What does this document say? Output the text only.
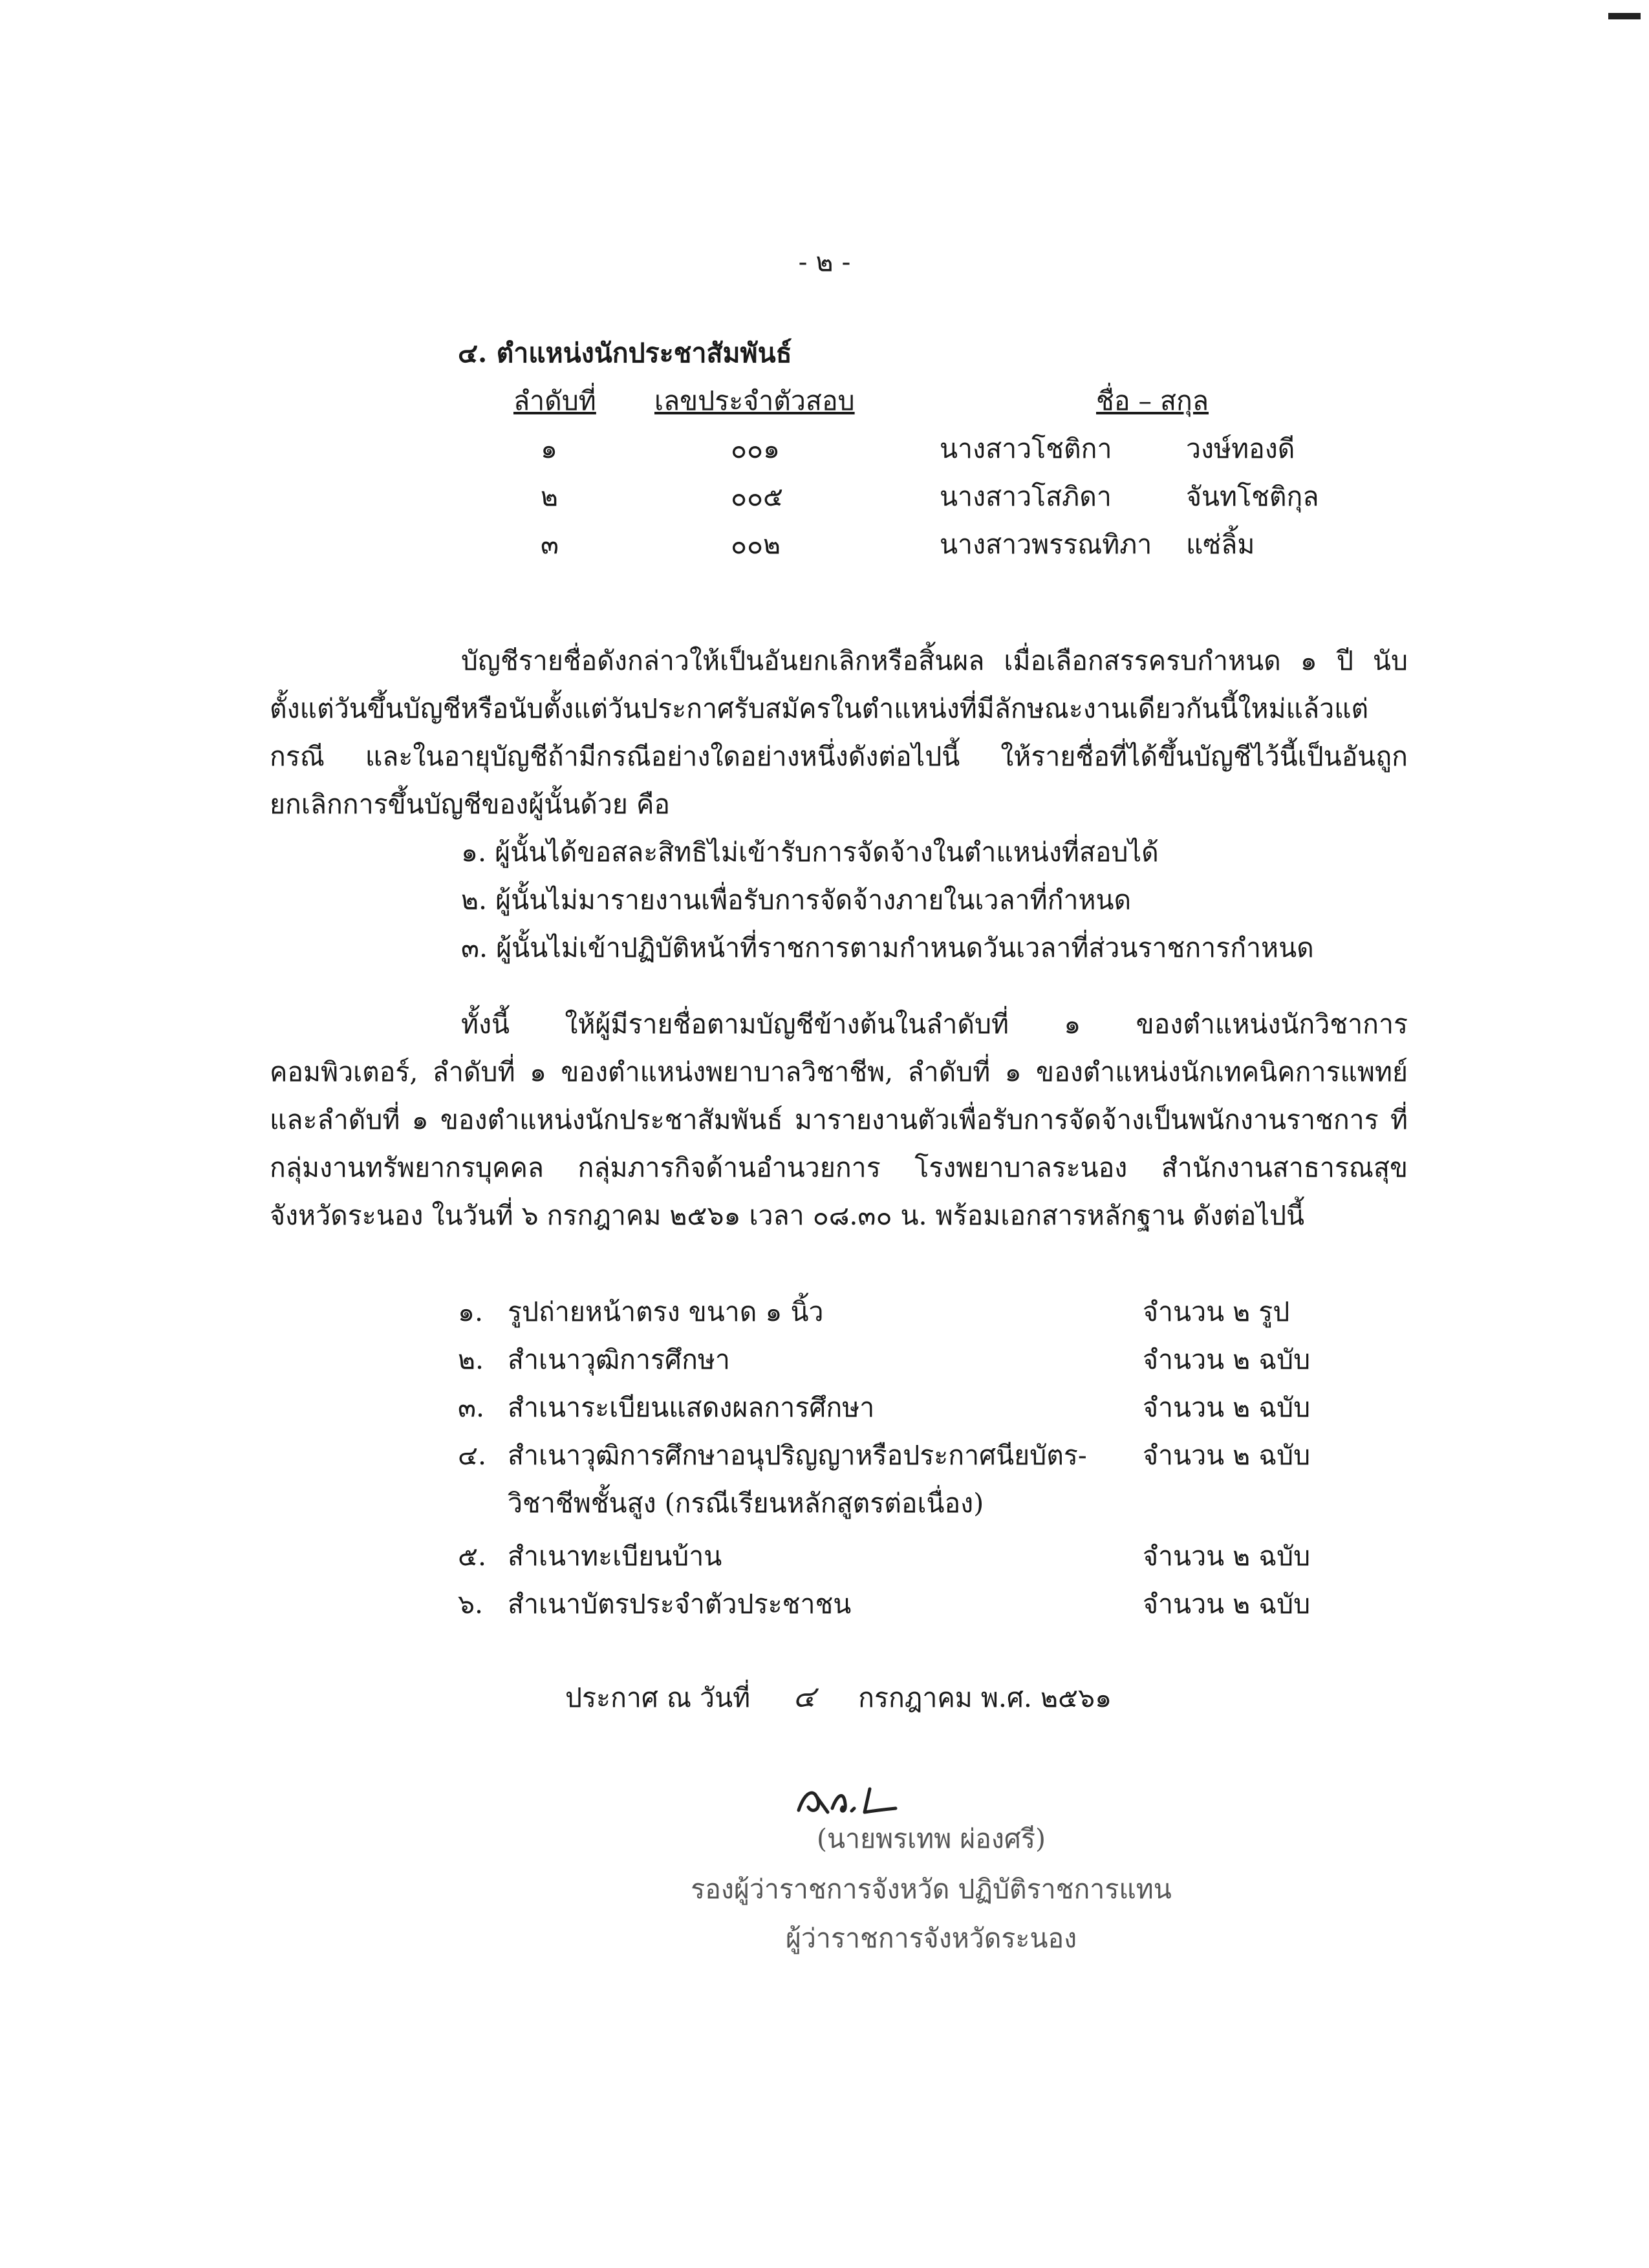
- ๒ -
๔. ตำแหน่งนักประชาสัมพันธ์
ลำดับที่ เลขประจำตัวสอบ	ชื่อ – สกุล
๑	๐๐๑	นางสาวโชติกา	วงษ์ทองดี
๒	๐๐๕	นางสาวโสภิดา	จันทโชติกุล
๓	๐๐๒	นางสาวพรรณทิภา แซ่ลิ้ม

บัญชีรายชื่อดังกล่าวให้เป็นอันยกเลิกหรือสิ้นผล เมื่อเลือกสรรครบกำหนด ๑ ปี นับตั้งแต่วันขึ้นบัญชีหรือนับตั้งแต่วันประกาศรับสมัครในตำแหน่งที่มีลักษณะงานเดียวกันนี้ใหม่แล้วแต่กรณี และในอายุบัญชีถ้ามีกรณีอย่างใดอย่างหนึ่งดังต่อไปนี้ ให้รายชื่อที่ได้ขึ้นบัญชีไว้นี้เป็นอันถูกยกเลิกการขึ้นบัญชีของผู้นั้นด้วย คือ

๑. ผู้นั้นได้ขอสละสิทธิไม่เข้ารับการจัดจ้างในตำแหน่งที่สอบได้
๒. ผู้นั้นไม่มารายงานเพื่อรับการจัดจ้างภายในเวลาที่กำหนด
๓. ผู้นั้นไม่เข้าปฏิบัติหน้าที่ราชการตามกำหนดวันเวลาที่ส่วนราชการกำหนด

ทั้งนี้ ให้ผู้มีรายชื่อตามบัญชีข้างต้นในลำดับที่ ๑ ของตำแหน่งนักวิชาการคอมพิวเตอร์, ลำดับที่ ๑ ของตำแหน่งพยาบาลวิชาชีพ, ลำดับที่ ๑ ของตำแหน่งนักเทคนิคการแพทย์ และลำดับที่ ๑ ของตำแหน่งนักประชาสัมพันธ์ มารายงานตัวเพื่อรับการจัดจ้างเป็นพนักงานราชการ ที่กลุ่มงานทรัพยากรบุคคล กลุ่มภารกิจด้านอำนวยการ โรงพยาบาลระนอง สำนักงานสาธารณสุขจังหวัดระนอง ในวันที่ ๖ กรกฎาคม ๒๕๖๑ เวลา ๐๘.๓๐ น. พร้อมเอกสารหลักฐาน ดังต่อไปนี้

๑. รูปถ่ายหน้าตรง ขนาด ๑ นิ้ว	จำนวน ๒ รูป
๒. สำเนาวุฒิการศึกษา	จำนวน ๒ ฉบับ
๓. สำเนาระเบียนแสดงผลการศึกษา	จำนวน ๒ ฉบับ
๔. สำเนาวุฒิการศึกษาอนุปริญญาหรือประกาศนียบัตร-วิชาชีพชั้นสูง (กรณีเรียนหลักสูตรต่อเนื่อง)
จำนวน ๒ ฉบับ
๕. สำเนาทะเบียนบ้าน	จำนวน ๒ ฉบับ
๖. สำเนาบัตรประจำตัวประชาชน	จำนวน ๒ ฉบับ
ประกาศ ณ วันที่ ๔ กรกฎาคม พ.ศ. ๒๕๖๑
(นายพรเทพ ผ่องศรี)
รองผู้ว่าราชการจังหวัด ปฏิบัติราชการแทน
ผู้ว่าราชการจังหวัดระนอง
